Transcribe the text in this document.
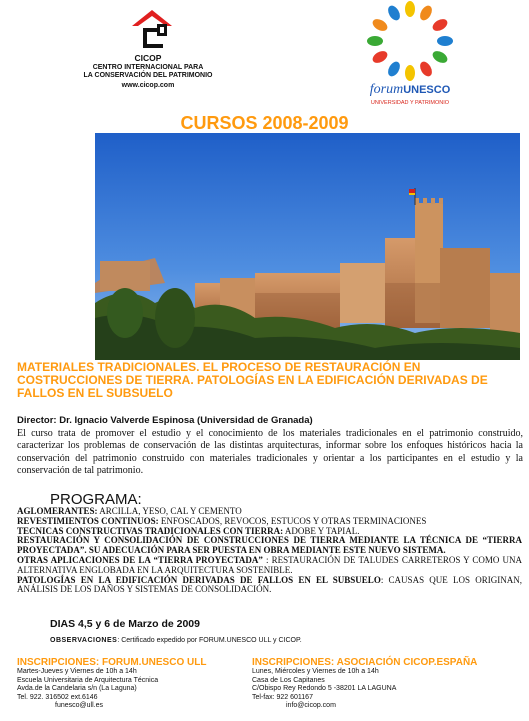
CICOP
CENTRO INTERNACIONAL PARA
LA CONSERVACIÓN DEL PATRIMONIO
www.cicop.com	forumUNESCO
UNIVERSIDAD Y PATRIMONIO
CURSOS 2008-2009
MATERIALES TRADICIONALES. EL PROCESO DE RESTAURACIÓN EN COSTRUCCIONES DE TIERRA. PATOLOGÍAS EN LA EDIFICACIÓN DERIVADAS DE FALLOS EN EL SUBSUELO
Director: Dr. Ignacio Valverde Espinosa (Universidad de Granada)
El curso trata de promover el estudio y el conocimiento de los materiales tradicionales en el patrimonio construido, caracterizar los problemas de conservación de las distintas arquitecturas, informar sobre los enfoques históricos hacia la conservación del patrimonio construido con materiales tradicionales y orientar a los participantes en el estudio y la conservación de tal patrimonio.
PROGRAMA:

AGLOMERANTES: ARCILLA, YESO, CAL Y CEMENTO

REVESTIMIENTOS CONTINUOS: ENFOSCADOS, REVOCOS, ESTUCOS Y OTRAS TERMINACIONES

TECNICAS CONSTRUCTIVAS TRADICIONALES CON TIERRA: ADOBE Y TAPIAL.

RESTAURACIÓN Y CONSOLIDACIÓN DE CONSTRUCCIONES DE TIERRA MEDIANTE LA TÉCNICA DE “TIERRA PROYECTADA”. SU ADECUACIÓN PARA SER PUESTA EN OBRA MEDIANTE ESTE NUEVO SISTEMA.

OTRAS APLICACIONES DE LA “TIERRA PROYECTADA” : RESTAURACIÓN DE TALUDES CARRETEROS Y COMO UNA ALTERNATIVA ENGLOBADA EN LA ARQUITECTURA SOSTENIBLE.

PATOLOGÍAS EN LA EDIFICACIÓN DERIVADAS DE FALLOS EN EL SUBSUELO: CAUSAS QUE LOS ORIGINAN, ANÁLISIS DE LOS DAÑOS Y SISTEMAS DE CONSOLIDACIÓN.

DIAS 4,5 y 6 de Marzo de 2009
OBSERVACIONES: Certificado expedido por FORUM.UNESCO ULL y CICOP.
INSCRIPCIONES: FORUM.UNESCO ULL
Martes-Jueves y Viernes de 10h a 14h
Escuela Universitaria de Arquitectura Técnica
Avda.de la Candelaria s/n (La Laguna)
Tel. 922. 316502 ext.6146
funesco@ull.es
INSCRIPCIONES: ASOCIACIÓN CICOP.ESPAÑA
Lunes, Miércoles y Viernes de 10h a 14h
Casa de Los Capitanes
C/Obispo Rey Redondo 5 -38201 LA LAGUNA
Tel-fax: 922 601167
info@cicop.com
